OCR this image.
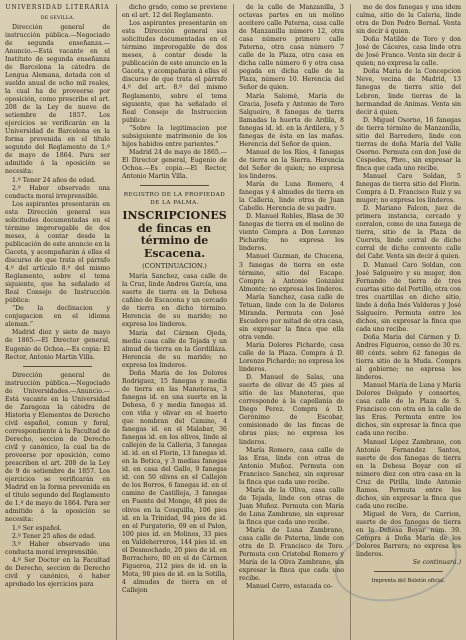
UNIVERSIDAD LITERARIA

DE SEVILLA.

Dirección general de instrucción pública.—Negociado de segunda enseñanza.—Anuncio.—Está vacante en el Instituto de segunda enseñanza de Barcelona la cátedra de Lengua Alemana, dotada con el sueldo anual de ocho mil reales, la cual ha de proveerse por oposición, como prescribe el art. 208 de la Ley de nueve de setiembre de 1857. Los ejercicios se verificarán en la Universidad de Barcelona en la forma prevenida en el título segundo del Reglamento de 1.º de mayo de 1864. Para ser admitido á la oposición se necesita:

1.º Tener 24 años de edad.

2.º Haber observado una conducta moral irreprensible.

Los aspirantes presentarán en esta Dirección general sus solicitudes documentadas en el término improrogable de dos meses, á contar desde la publicación de este anuncio en la Gaceta, y acompañarán á ellas el discurso de que trata el párrafo 4.º del artículo 8.º del mismo Reglamento, sobre el tema siguiente, que ha señalado el Real Consejo de Instrucción pública:

“De la declinacion y conjugacion en el idioma aleman.”

Madrid diez y siete de mayo de 1865.—El Director general, Eugenio de Ochoa.—Es copia: El Rector, Antonio Martin Villa.

Dirección general de instrucción pública.—Negociado de Universidades.—Anuncio.—Está vacante en la Universidad de Zaragoza la cátedra de Historia y Elementos de Derecho civil español, comun y foral, correspondiente á la Facultad de Derecho, seccion de Derecho civil y canónico, la cual ha de proveerse por oposición, como prescriben el art. 208 de la Ley de 9 de setiembre de 1857. Los ejercicios se verificarán en Madrid en la forma prevenida en el título segundo del Reglamento de 1.º de mayo de 1864. Para ser admitido á la oposición se necesita:

1.º Ser español.

2.º Tener 25 años de edad.

3.º Haber observado una conducta moral irreprensible.

4.º Ser Doctor en la Facultad de Derecho, seccion de Derecho civil y canónico, ó haber aprobado los ejercicios para

dicho grado, como se previene en el art. 12 del Reglamento.

Los aspirantes presentarán en esta Dirección general sus solicitudes documentadas en el término improrogable de dos meses, á contar desde la publicación de este anuncio en la Gaceta, y acompañarán á ellas el discurso de que trata el párrafo 4.º del art. 8.º del mismo Reglamento, sobre el tema siguiente, que ha señalado el Real Consejo de Instruccion pública:

“Sobre la legitimacion por subsiguiente matrimonio de los hijos habidos entre parientes.”

Madrid 24 de mayo de 1865.—El Director general, Eugenio de Ochoa.—Es copia.—El Rector, Antonio Martin Villa.

REGISTRO DE LA PROPIEDAD DE LA PALMA.

INSCRIPCIONES de fincas en término de Escacena.

(CONTINUACION.)

María Sanchez, casa calle de la Cruz, linde Andres García, una suerte de tierra en la Dehesa cañíno de Escacena y un cercado de tierra en dicho término. Herencia de su marido; no expresa los linderos.

María del Cármen Ojeda, media casa calle de Tejada y un almud de tierra en la Gordilláza. Herencia de su marido; no expresa los linderos.

Doña María de los Dolores Rodriguez, 15 fanegas y media de tierra en las Manoteras, 3 fanegas id. en una suerte en la Dehesa, 6 y media fanegas id. con viña y olivar en el huerto que nombran del Camino, 4 fanegas id. en el Malabar, 36 fanegas id. en los olivos, linde al callejón de la Calleria, 3 fanegas id. id. en el Florin, 13 fanegas id. en la Botica, y 3 medias fanegas id. en casa del Gallo, 9 fanegas id. con 50 olivos en el Callejón de los Borros, 6 fanegas id. en el camino de Castilleja, 3 fanegas en Fuente del Monge, 48 pies de olivos en la Cosquilla, 106 pies id. en la Trinidad, 94 pies de id. en el Purgatorio, 69 en el Palon, 100 pies id. en Molinos, 33 pies en Valdeherreros, 144 pies id. en el Desmochado, 20 pies de id. en Borrachero, 80 en el de Cármen Figueroa, 212 pies de id. en la Mota, 98 pies de id. en la Sotilla, 4 almudes de tierra en el Callejon

de la calle de Manzanilla, 3 octavas partes en un molino aceitero calle Paterna, casa calle de Manzanilla número 12, otra casa número primero calle Paterna, otra casa número 7 calle de la Plaza, otra casa en dicha calle número 6 y otra casa pegada en dicha calle de la Plaza, número 10. Herencia del Señor de quien.

María Salomé, María de Gracia, Josefa y Antonio de Toro Salgueiro, 8 fanegas de tierra llamadas la huerta de Ardila, 8 fanegas id. id. en la Ardilera, y 5 fanegas de ésta en las mañas. Herencia del Señor de quien.

Manuel de los Ríos, 4 fanegas de tierra en la Sierra. Herencia del Señor de quien; no expresa los linderos.

María de Luna Romero, 4 fanegas y 4 almudes de tierra en la Calleria, linde otras de Juan Cabello. Herencia de su padre.

D. Manuel Robles, Blasa de 30 fanegas de tierra en el molino de viento Compra a Don Lorenzo Pichardo; no expresa los linderos.

Manuel Guzman, de Chucena, 3 fanegas de tierra en este término, sitio del Escape. Compra á Antonio Gonzalez Almonte; no expresa los linderos.

María Sanchez, casa calle de Tetuan, linde con la de Dolores Miranda. Permuta con José Escudero por mitad de otra casa, sin expresar la finca que ella otra vende.

María Dolores Pichardo, casa calle de la Plaza. Compra á D. Lorenzo Pichardo; no expresa los linderos.

D. Manuel de Salas, una suerte de olivar de 45 pies al sitio de las Manoteras, que corresponde á la capellanía de Diego Perez. Compra á D. Gerónimo de Escobar, comisionado de las fincas de obras pias; no expresa los linderos.

María Romero, casa calle de las Eras, linde con otras de Antonio Muñoz. Permuta con Francisco Sanchez, sin expresar la finca que cada uno recibe.

María de la Oliva, casa calle de Tejada, linde con otras de Juan Muñoz. Permuta con María de Luna Zambrano, sin expresar la finca que cada uno recibe.

María de Luna Zambrano, casa calle de Paterna, linde con otra de D. Francisco de Toro. Permuta con Cristobal Romero y María de la Oliva Zambrano, sin expresar la finca que cada uno recibe.

Manuel Cerro, estacada co-

mo de dos fanegas y una idem calma, sitio de la Caleria, linde otra de Don Pedro Bernal. Venta sin decir á quien.

Doña Matilde de Toro y don José de Cáceres, casa linde otra de José Franco. Venta sin decir á quien; no expresa la calle.

Doña María de la Concepcion Neve, vecina de Madrid, 13 fanegas de tierra sitio del Lebron, linde tierras de la hermandad de Animas. Venta sin decir á quien.

D. Miguel Osorno, 16 fanegas de tierra térmíno de Manzanilla, sitio del Barredero, linde con tierras de doña María del Valle Osorno. Permuta con don José de Céspedes, Pbro., sin expresar la finca que cada uno recibe.

Manuel Caro Soldan, 5 fanegas de tierra sitio del Florin. Compra á D. Francisco Ruiz y su muger; no expresa los linderos.

D. Mariano Falcon, juez de primera instancia, cercado y corralon, como de una fanega de tierra, sitio de la Plaza de Cuervis, linde corral de dicho corral de dicho convento calle del Cabr. Venta sin decir á quien.

D. Manuel Caro Soldan, con José Salgueiro y su muger, don Fernando de tierra de tres cuartas sitio del Portillo, otra con tres cuartillas en dicho sitio, linde á doña Inés Valderas y José Salgueiro. Permuta entre los dichos, sin expresar la finca que cada uno recibe.

Doña María del Cármen y D. Andres Figueroa, censo de 30 rs. 80 cénts. sobre 62 fanegas de tierra sitio de la Muda. Compra al gobierno; no expresa los linderos.

Manuel María de Luna y María Dolores Delgado y consortes, casa calle de la Plaza de S. Francisco con otra en la calle de las Eras. Permuta entre los dichos, sin expresar la finca que cada uno recibe.

Manuel López Zambrano, con Antonio Fernandez Santos, suerte de dos fanegas de tierra en la Dehesa Boyar con el número diez con otra casa en la Cruz de Pirilla, linde Antonio Ramos. Permuta entre los dichos, sin expresar la finca que cada uno recibe.

Miguel de Vera, de Carrion, suerte de dos fanegas de tierra en la Dehesa Boyar núm. 39. Compra á Doña María de los Dolores Barrera; no expresa los linderos.

Se continuará.)

Imprenta del Boletín oficial.
